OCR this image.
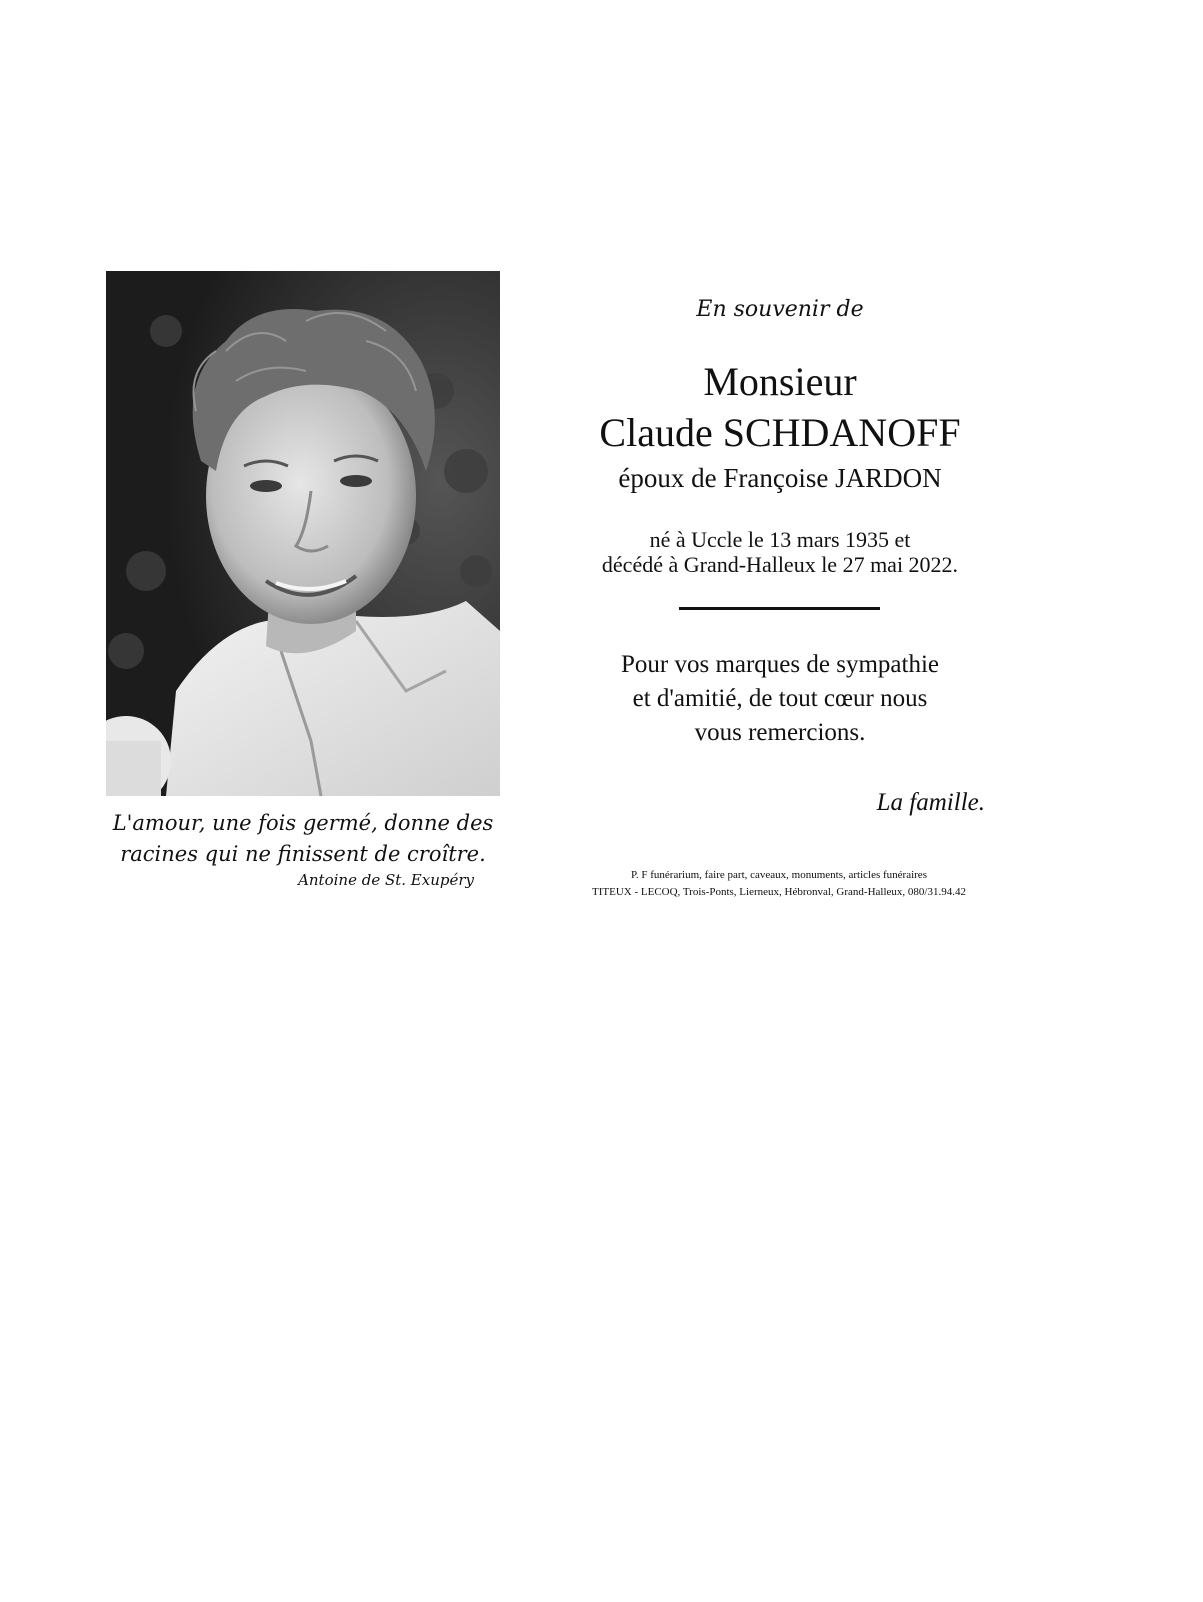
L'amour, une fois germé, donne des
racines qui ne finissent de croître.
Antoine de St. Exupéry
En souvenir de
Monsieur
Claude SCHDANOFF
époux de Françoise JARDON
né à Uccle le 13 mars 1935 et
décédé à Grand-Halleux le 27 mai 2022.
Pour vos marques de sympathie
et d'amitié, de tout cœur nous
vous remercions.
La famille.
P. F funérarium, faire part, caveaux, monuments, articles funéraires
TITEUX - LECOQ, Trois-Ponts, Lierneux, Hébronval, Grand-Halleux, 080/31.94.42
